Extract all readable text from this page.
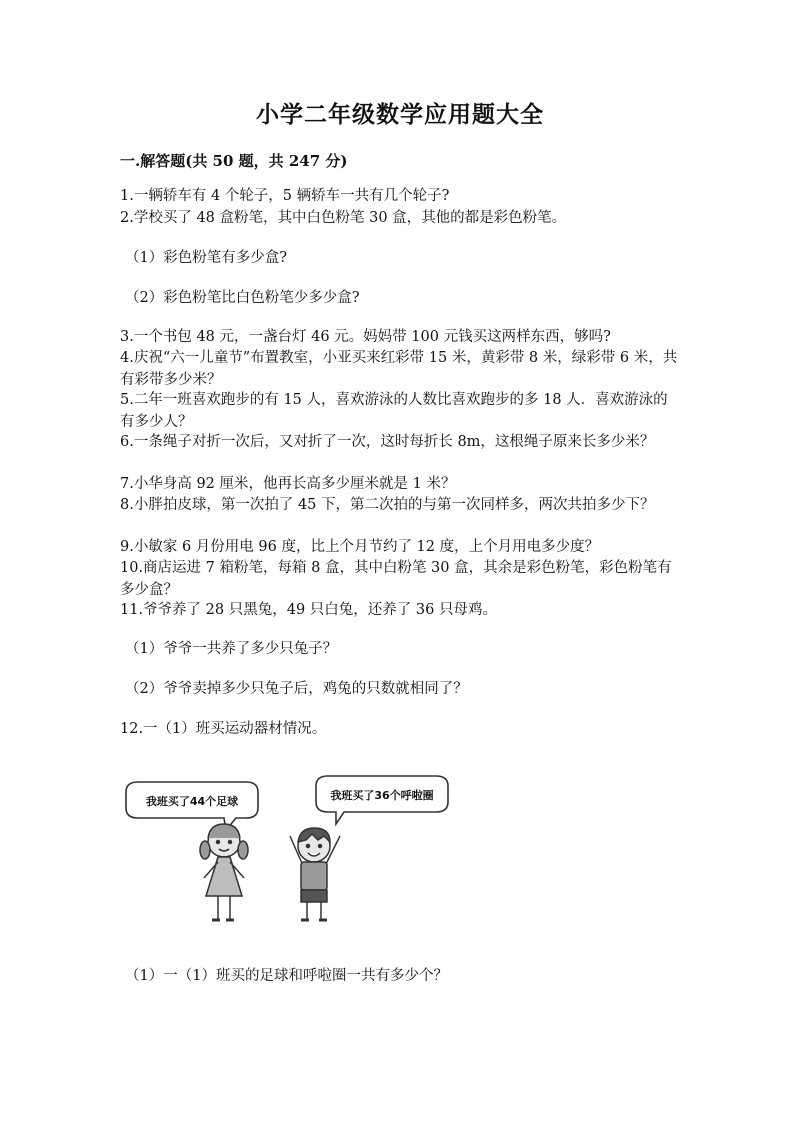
小学二年级数学应用题大全
一.解答题(共 50 题，共 247 分)
1.一辆轿车有 4 个轮子，5 辆轿车一共有几个轮子?
2.学校买了 48 盒粉笔，其中白色粉笔 30 盒，其他的都是彩色粉笔。
（1）彩色粉笔有多少盒?
（2）彩色粉笔比白色粉笔少多少盒?
3.一个书包 48 元，一盏台灯 46 元。妈妈带 100 元钱买这两样东西，够吗?
4.庆祝“六一儿童节”布置教室，小亚买来红彩带 15 米，黄彩带 8 米，绿彩带 6 米，共有彩带多少米？
5.二年一班喜欢跑步的有 15 人，喜欢游泳的人数比喜欢跑步的多 18 人．喜欢游泳的有多少人？
6.一条绳子对折一次后，又对折了一次，这时每折长 8m，这根绳子原来长多少米？
7.小华身高 92 厘米，他再长高多少厘米就是 1 米？
8.小胖拍皮球，第一次拍了 45 下，第二次拍的与第一次同样多，两次共拍多少下？
9.小敏家 6 月份用电 96 度，比上个月节约了 12 度，上个月用电多少度？
10.商店运进 7 箱粉笔，每箱 8 盒，其中白粉笔 30 盒，其余是彩色粉笔，彩色粉笔有多少盒？
11.爷爷养了 28 只黑兔，49 只白兔，还养了 36 只母鸡。
（1）爷爷一共养了多少只兔子？
（2）爷爷卖掉多少只兔子后，鸡兔的只数就相同了？
12.一（1）班买运动器材情况。
我班买了44个足球	我班买了36个呼啦圈
（1）一（1）班买的足球和呼啦圈一共有多少个？
